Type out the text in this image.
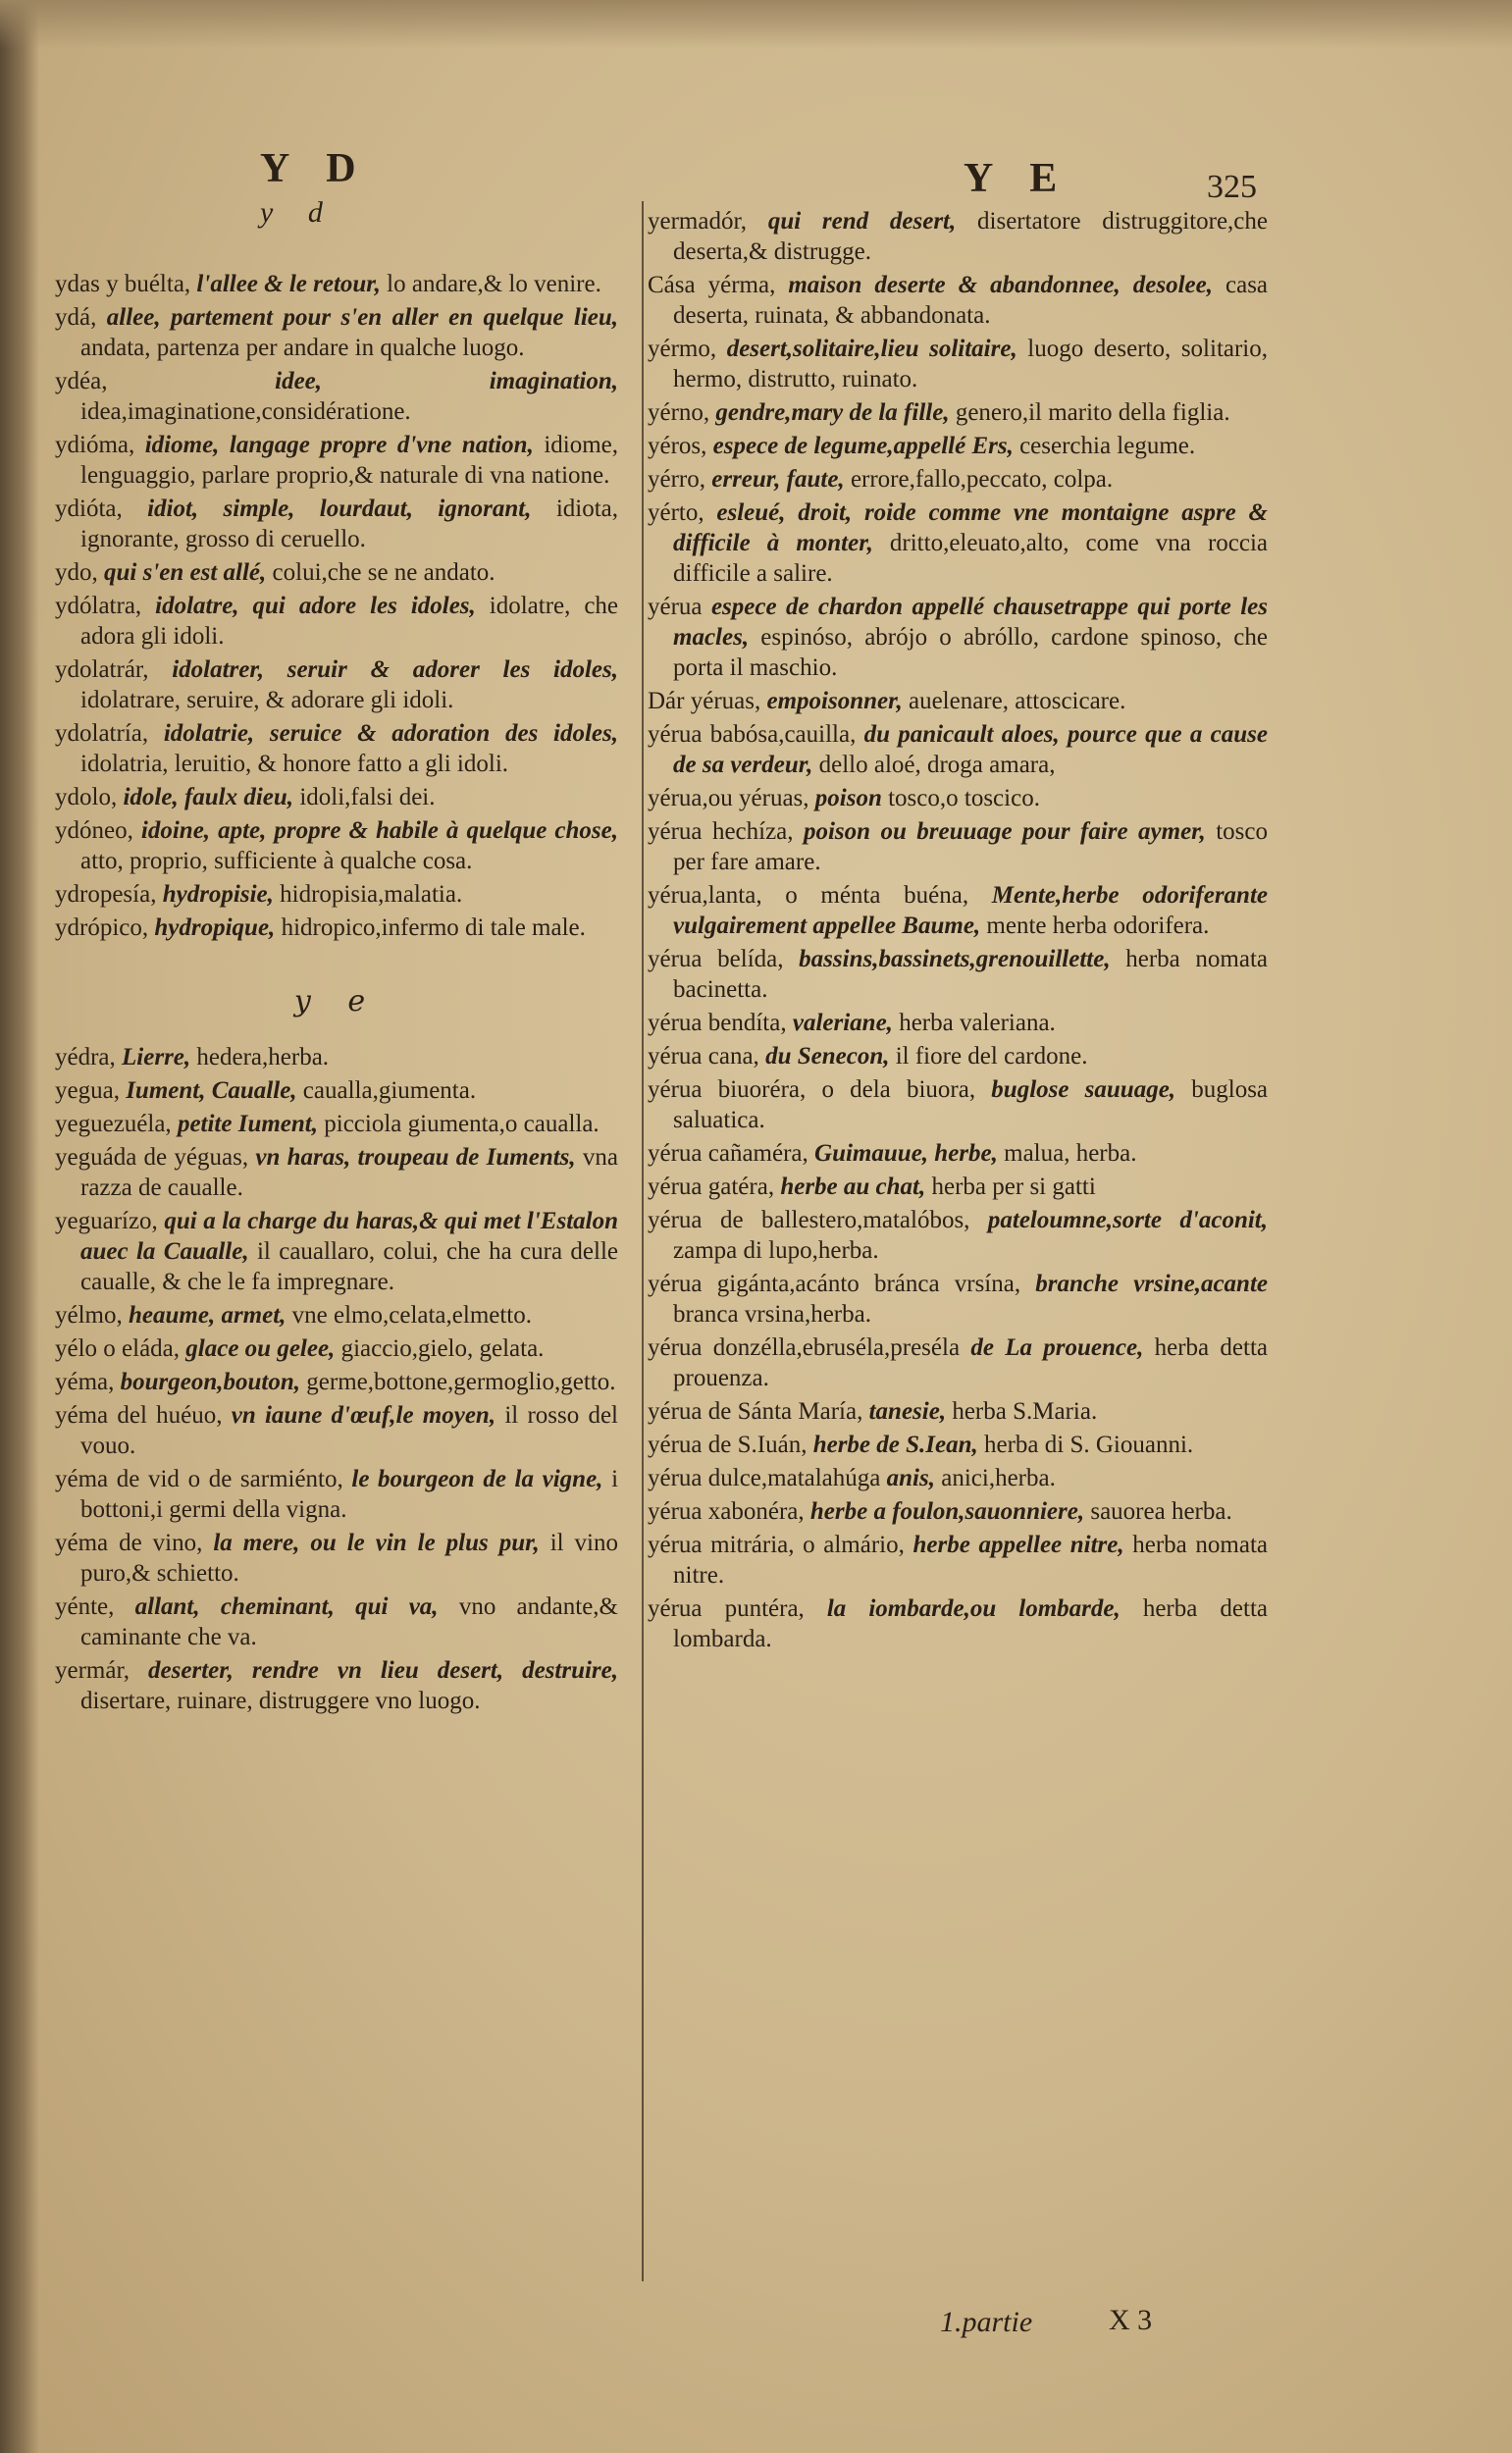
Y D
y d
Y E	325

ydas y buélta, l'allee & le retour, lo andare,& lo venire.

ydá, allee, partement pour s'en aller en quelque lieu, andata, partenza per andare in qualche luogo.

ydéa,	idee, imagination, idea,imaginatione,considératione.

ydióma, idiome, langage propre d'vne nation, idiome, lenguaggio, parlare proprio,& naturale di vna natione.

ydióta, idiot, simple, lourdaut, ignorant, idiota, ignorante, grosso di ceruello.

ydo, qui s'en est allé, colui,che se ne andato.

ydólatra, idolatre, qui adore les idoles, idolatre, che adora gli idoli.

ydolatrár, idolatrer, seruir & adorer les idoles, idolatrare, seruire, & adorare gli idoli.

ydolatría, idolatrie, seruice & adoration des idoles, idolatria, leruitio, & honore fatto a gli idoli.

ydolo, idole, faulx dieu, idoli,falsi dei.

ydóneo, idoine, apte, propre & habile à quelque chose, atto, proprio, sufficiente à qualche cosa.

ydropesía, hydropisie, hidropisia,malatia.

ydrópico, hydropique, hidropico,infermo di tale male.

y e

yédra, Lierre, hedera,herba.

yegua, Iument, Caualle, caualla,giumenta.

yeguezuéla, petite Iument, picciola giumenta,o caualla.

yeguáda de yéguas, vn haras, troupeau de Iuments, vna razza de caualle.

yeguarízo, qui a la charge du haras,& qui met l'Estalon auec la Caualle, il cauallaro, colui, che ha cura delle caualle, & che le fa impregnare.

yélmo, heaume, armet, vne elmo,celata,elmetto.

yélo o eláda, glace ou gelee, giaccio,gielo, gelata.

yéma, bourgeon,bouton, germe,bottone,germoglio,getto.

yéma del huéuo, vn iaune d'œuf,le moyen, il rosso del vouo.

yéma de vid o de sarmiénto, le bourgeon de la vigne, i bottoni,i germi della vigna.

yéma de vino, la mere, ou le vin le plus pur, il vino puro,& schietto.

yénte, allant, cheminant, qui va, vno andante,& caminante che va.

yermár, deserter, rendre vn lieu desert, destruire, disertare, ruinare, distruggere vno luogo.

yermadór, qui rend desert, disertatore distruggitore,che deserta,& distrugge.

Cása yérma, maison deserte & abandonnee, desolee, casa deserta, ruinata, & abbandonata.

yérmo, desert,solitaire,lieu solitaire, luogo deserto, solitario, hermo, distrutto, ruinato.

yérno, gendre,mary de la fille, genero,il marito della figlia.

yéros, espece de legume,appellé Ers, ceserchia legume.

yérro, erreur, faute, errore,fallo,peccato, colpa.

yérto, esleué, droit, roide comme vne montaigne aspre & difficile à monter, dritto,eleuato,alto, come vna roccia difficile a salire.

yérua espece de chardon appellé chausetrappe qui porte les macles, espinóso, abrójo o abróllo, cardone spinoso, che porta il maschio.

Dár yéruas, empoisonner, auelenare, attoscicare.

yérua babósa,cauilla, du panicault aloes, pource que a cause de sa verdeur, dello aloé, droga amara,

yérua,ou yéruas, poison tosco,o toscico.

yérua hechíza, poison ou breuuage pour faire aymer, tosco per fare amare.

yérua,lanta, o ménta buéna, Mente,herbe odoriferante vulgairement appellee Baume, mente herba odorifera.

yérua belída, bassins,bassinets,grenouillette, herba nomata bacinetta.

yérua bendíta, valeriane, herba valeriana.

yérua cana, du Senecon, il fiore del cardone.

yérua biuoréra, o dela biuora, buglose sauuage, buglosa saluatica.

yérua cañaméra, Guimauue, herbe, malua, herba.

yérua gatéra, herbe au chat, herba per si gatti

yérua de ballestero,matalóbos, pateloumne,sorte d'aconit, zampa di lupo,herba.

yérua gigánta,acánto bránca vrsína, branche vrsine,acante branca vrsina,herba.

yérua donzélla,ebruséla,preséla de La prouence, herba detta prouenza.

yérua de Sánta María, tanesie, herba S.Maria.

yérua de S.Iuán, herbe de S.Iean, herba di S. Giouanni.

yérua dulce,matalahúga anis, anici,herba.

yérua xabonéra, herbe a foulon,sauonniere, sauorea herba.

yérua mitrária, o almário, herbe appellee nitre, herba nomata nitre.

yérua puntéra, la iombarde,ou lombarde, herba detta lombarda.

1.partie	X 3
